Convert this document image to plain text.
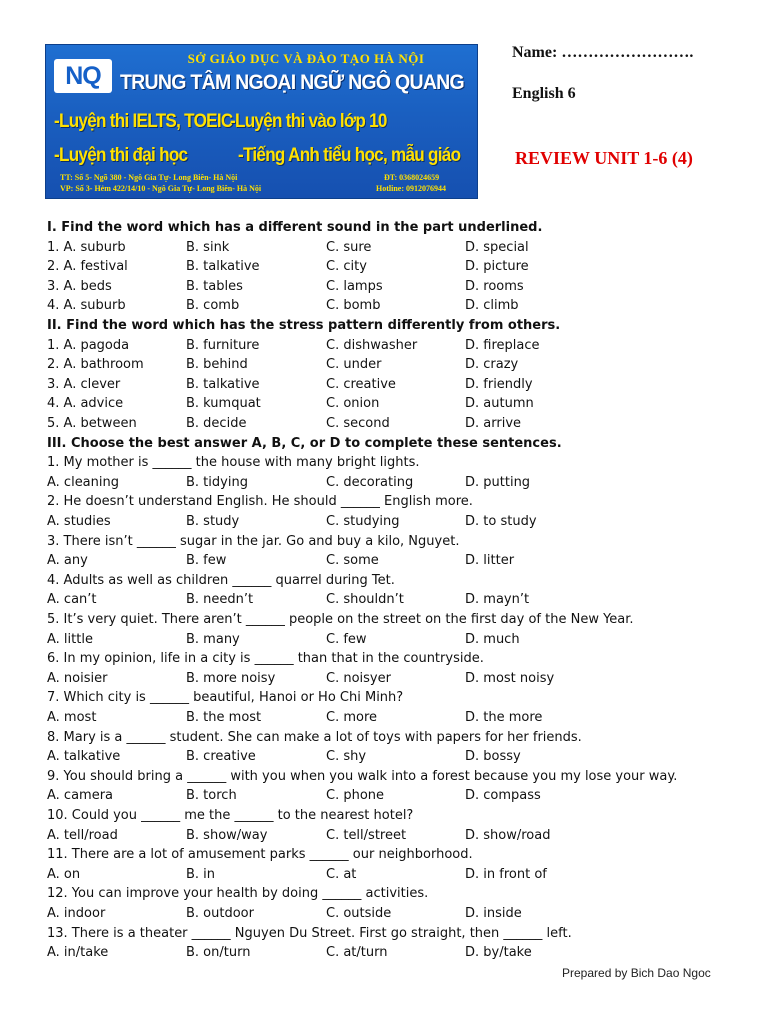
NQ
SỞ GIÁO DỤC VÀ ĐÀO TẠO HÀ NỘI
TRUNG TÂM NGOẠI NGỮ NGÔ QUANG
-Luyện thi IELTS, TOEIC
-Luyện thi vào lớp 10
-Luyện thi đại học	-Tiếng Anh tiểu học, mẫu giáo
TT: Số 5- Ngõ 380 - Ngô Gia Tự- Long Biên- Hà Nội
VP: Số 3- Hẻm 422/14/10 - Ngô Gia Tự- Long Biên- Hà Nội
ĐT: 0368024659
Hotline: 0912076944
Name: …………………….
English 6
REVIEW UNIT 1-6 (4)
I. Find the word which has a different sound in the part underlined.
1. A. suburb	B. sink	C. sure	D. special
2. A. festival	B. talkative	C. city	D. picture
3. A. beds	B. tables	C. lamps	D. rooms
4. A. suburb	B. comb	C. bomb	D. climb
II. Find the word which has the stress pattern differently from others.
1. A. pagoda	B. furniture	C. dishwasher	D. fireplace
2. A. bathroom	B. behind	C. under	D. crazy
3. A. clever	B. talkative	C. creative	D. friendly
4. A. advice	B. kumquat	C. onion	D. autumn
5. A. between	B. decide	C. second	D. arrive
III. Choose the best answer A, B, C, or D to complete these sentences.
1. My mother is ______ the house with many bright lights.
A. cleaning	B. tidying	C. decorating	D. putting
2. He doesn’t understand English. He should ______ English more.
A. studies	B. study	C. studying	D. to study
3. There isn’t ______ sugar in the jar. Go and buy a kilo, Nguyet.
A. any	B. few	C. some	D. litter
4. Adults as well as children ______ quarrel during Tet.
A. can’t	B. needn’t	C. shouldn’t	D. mayn’t
5. It’s very quiet. There aren’t ______ people on the street on the first day of the New Year.
A. little	B. many	C. few	D. much
6. In my opinion, life in a city is ______ than that in the countryside.
A. noisier	B. more noisy	C. noisyer	D. most noisy
7. Which city is ______ beautiful, Hanoi or Ho Chi Minh?
A. most	B. the most	C. more	D. the more
8. Mary is a ______ student. She can make a lot of toys with papers for her friends.
A. talkative	B. creative	C. shy	D. bossy
9. You should bring a ______ with you when you walk into a forest because you my lose your way.
A. camera	B. torch	C. phone	D. compass
10. Could you ______ me the ______ to the nearest hotel?
A. tell/road	B. show/way	C. tell/street	D. show/road
11. There are a lot of amusement parks ______ our neighborhood.
A. on	B. in	C. at	D. in front of
12. You can improve your health by doing ______ activities.
A. indoor	B. outdoor	C. outside	D. inside
13. There is a theater ______ Nguyen Du Street. First go straight, then ______ left.
A. in/take	B. on/turn	C. at/turn	D. by/take
Prepared by Bich Dao Ngoc
